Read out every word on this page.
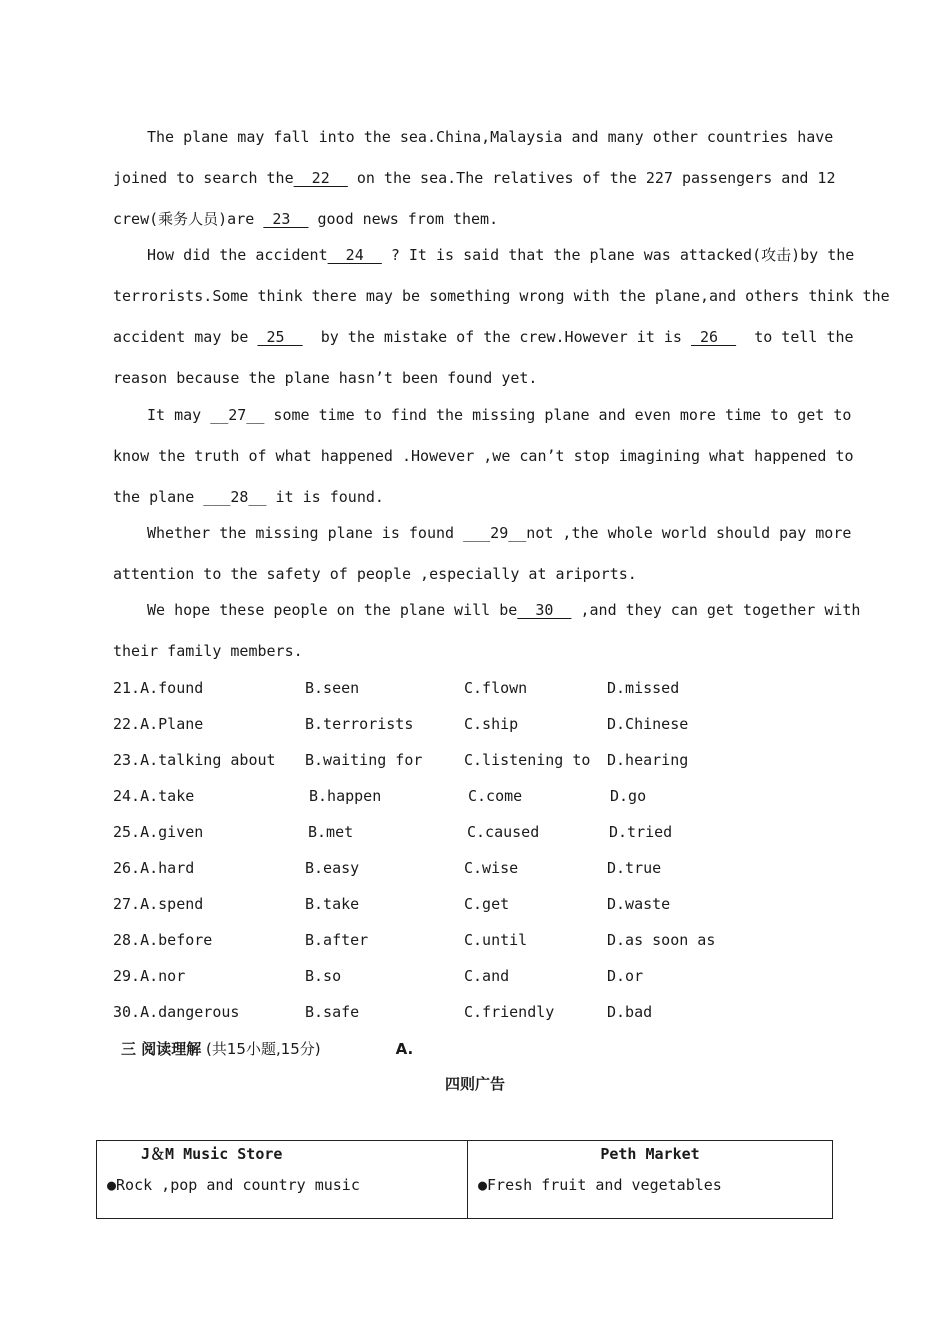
The plane may fall into the sea.China,Malaysia and many other countries have
joined to search the  22   on the sea.The relatives of the 227 passengers and 12
crew(乘务人员)are  23   good news from them.
How did the accident  24   ? It is said that the plane was attacked(攻击)by the
terrorists.Some think there may be something wrong with the plane,and others think the
accident may be  25    by the mistake of the crew.However it is  26    to tell the
reason because the plane hasn’t been found yet.
It may __27__ some time to find the missing plane and even more time to get to
know the truth of what happened .However ,we can’t stop imagining what happened to
the plane ___28__ it is found.
Whether the missing plane is found ___29__not ,the whole world should pay more
attention to the safety of people ,especially at ariports.
We hope these people on the plane will be  30   ,and they can get together with
their family members.
21.A.found	B.seen	C.flown	D.missed
22.A.Plane	B.terrorists	C.ship	D.Chinese
23.A.talking about B.waiting for	C.listening to D.hearing
24.A.take	B.happen	C.come	D.go
25.A.given	B.met	C.caused	D.tried
26.A.hard	B.easy	C.wise	D.true
27.A.spend	B.take	C.get	D.waste
28.A.before	B.after	C.until	D.as soon as
29.A.nor	B.so	C.and	D.or
30.A.dangerous	B.safe	C.friendly	D.bad
三 阅读理解 (共15小题,15分)	A.
四则广告
J＆M Music Store
●Rock ,pop and country music

Peth Market
●Fresh fruit and vegetables
